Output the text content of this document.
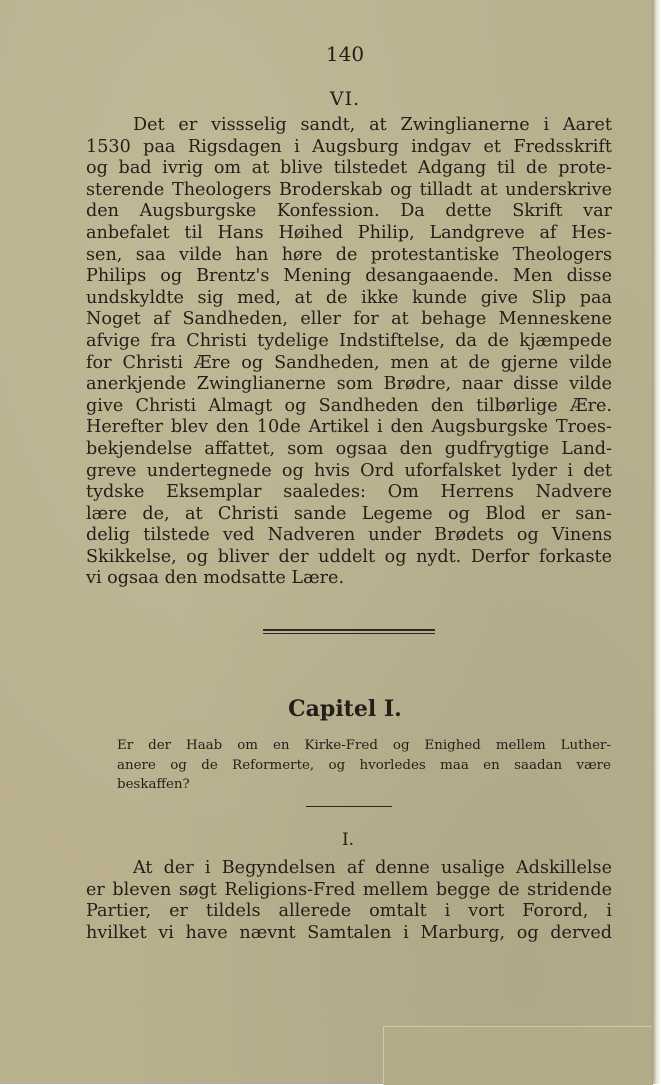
140
VI.
Det er vissselig sandt, at Zwinglianerne i Aaret
1530 paa Rigsdagen i Augsburg indgav et Fredsskrift
og bad ivrig om at blive tilstedet Adgang til de prote-
sterende Theologers Broderskab og tilladt at underskrive
den Augsburgske Konfession. Da dette Skrift var
anbefalet til Hans Høihed Philip, Landgreve af Hes-
sen, saa vilde han høre de protestantiske Theologers
Philips og Brentz's Mening desangaaende. Men disse
undskyldte sig med, at de ikke kunde give Slip paa
Noget af Sandheden, eller for at behage Menneskene
afvige fra Christi tydelige Indstiftelse, da de kjæmpede
for Christi Ære og Sandheden, men at de gjerne vilde
anerkjende Zwinglianerne som Brødre, naar disse vilde
give Christi Almagt og Sandheden den tilbørlige Ære.
Herefter blev den 10de Artikel i den Augsburgske Troes-
bekjendelse affattet, som ogsaa den gudfrygtige Land-
greve undertegnede og hvis Ord uforfalsket lyder i det
tydske Eksemplar saaledes: Om Herrens Nadvere
lære de, at Christi sande Legeme og Blod er san-
delig tilstede ved Nadveren under Brødets og Vinens
Skikkelse, og bliver der uddelt og nydt. Derfor forkaste
vi ogsaa den modsatte Lære.
Capitel I.
Er der Haab om en Kirke-Fred og Enighed mellem Luther-
anere og de Reformerte, og hvorledes maa en saadan være
beskaffen?
I.
At der i Begyndelsen af denne usalige Adskillelse
er bleven søgt Religions-Fred mellem begge de stridende
Partier, er tildels allerede omtalt i vort Forord, i
hvilket vi have nævnt Samtalen i Marburg, og derved
